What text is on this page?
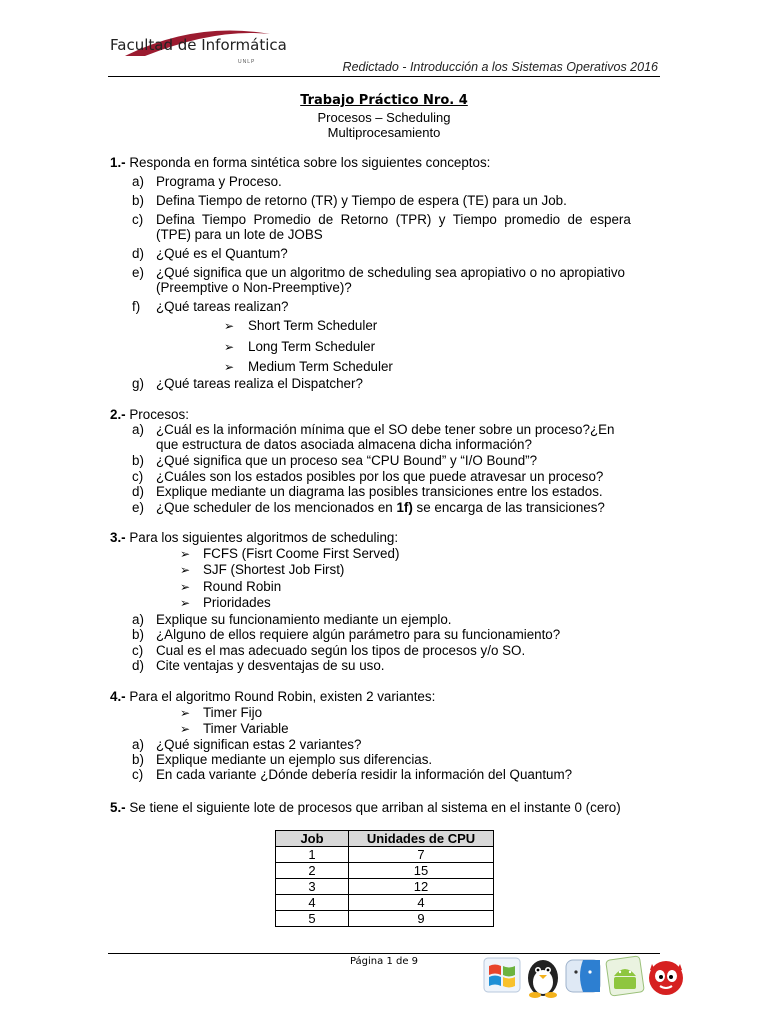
Facultad de Informática
UNLP	Redictado - Introducción a los Sistemas Operativos 2016
Trabajo Práctico Nro. 4
Procesos – Scheduling
Multiprocesamiento
1.- Responda en forma sintética sobre los siguientes conceptos:
a) Programa y Proceso.
b) Defina Tiempo de retorno (TR) y Tiempo de espera (TE) para un Job.
c) Defina  Tiempo  Promedio  de  Retorno  (TPR)  y  Tiempo  promedio  de  espera
(TPE) para un lote de JOBS
d) ¿Qué es el Quantum?
e) ¿Qué significa que un algoritmo de scheduling sea apropiativo o no apropiativo
(Preemptive o Non-Preemptive)?
f) ¿Qué tareas realizan?
➢ Short Term Scheduler
➢ Long Term Scheduler
➢ Medium Term Scheduler
g) ¿Qué tareas realiza el Dispatcher?
2.- Procesos:
a) ¿Cuál es la información mínima que el SO debe tener sobre un proceso?¿En
que estructura de datos asociada almacena dicha información?
b) ¿Qué significa que un proceso sea “CPU Bound” y “I/O Bound”?
c) ¿Cuáles son los estados posibles por los que puede atravesar un proceso?
d) Explique mediante un diagrama las posibles transiciones entre los estados.
e) ¿Que scheduler de los mencionados en 1f) se encarga de las transiciones?
3.- Para los siguientes algoritmos de scheduling:
➢ FCFS (Fisrt Coome First Served)
➢ SJF (Shortest Job First)
➢ Round Robin
➢ Prioridades
a) Explique su funcionamiento mediante un ejemplo.
b) ¿Alguno de ellos requiere algún parámetro para su funcionamiento?
c) Cual es el mas adecuado según los tipos de procesos y/o SO.
d) Cite ventajas y desventajas de su uso.
4.- Para el algoritmo Round Robin, existen 2 variantes:
➢ Timer Fijo
➢ Timer Variable
a) ¿Qué significan estas 2 variantes?
b) Explique mediante un ejemplo sus diferencias.
c) En cada variante ¿Dónde debería residir la información del Quantum?
5.- Se tiene el siguiente lote de procesos que arriban al sistema en el instante 0 (cero)
Job	Unidades de CPU
1	7
2	15
3	12
4	4
5	9
Página 1 de 9
